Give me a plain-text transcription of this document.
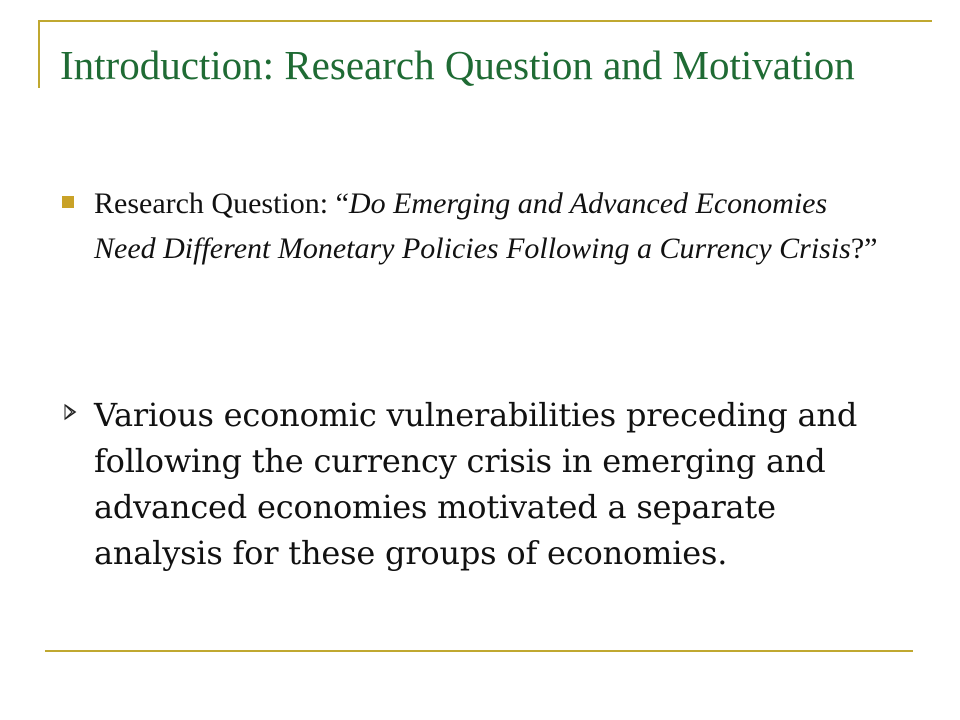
Introduction: Research Question and Motivation

Research Question: “Do Emerging and Advanced Economies Need Different Monetary Policies Following a Currency Crisis?”

Various economic vulnerabilities preceding and following the currency crisis in emerging and advanced economies motivated a separate analysis for these groups of economies.
